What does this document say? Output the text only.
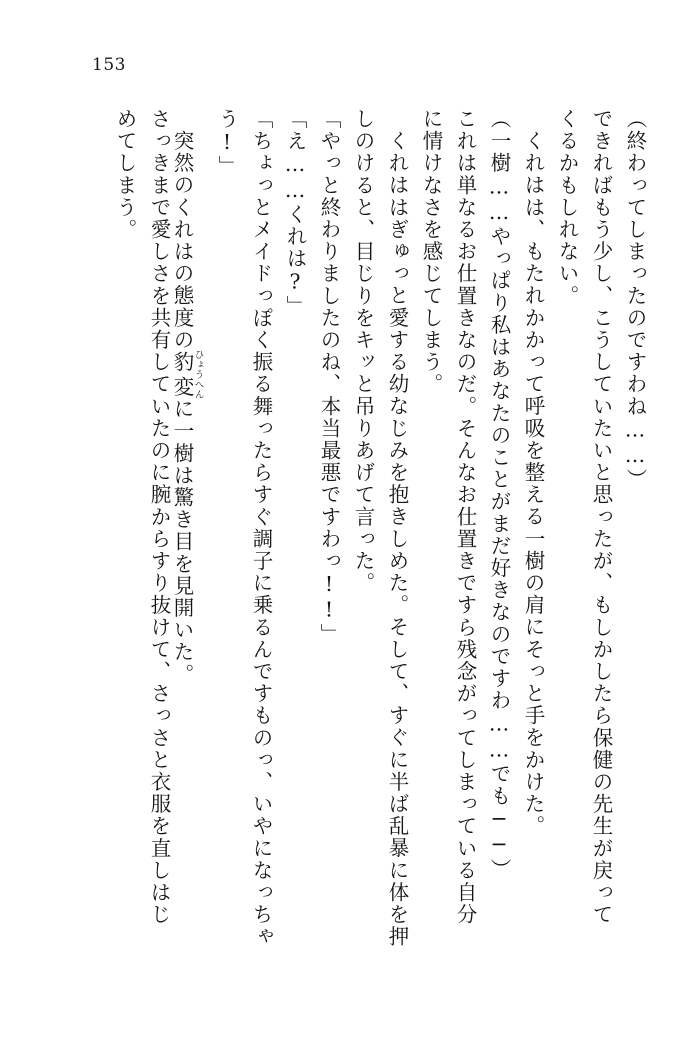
153
（終わってしまったのですわね……）
できればもう少し、こうしていたいと思ったが、もしかしたら保健の先生が戻って
くるかもしれない。
くれはは、もたれかかって呼吸を整える一樹の肩にそっと手をかけた。
（一樹……やっぱり私はあなたのことがまだ好きなのですわ……でも──）
これは単なるお仕置きなのだ。そんなお仕置きですら残念がってしまっている自分
に情けなさを感じてしまう。
くれははぎゅっと愛する幼なじみを抱きしめた。そして、すぐに半ば乱暴に体を押
しのけると、目じりをキッと吊りあげて言った。
「やっと終わりましたのね、本当最悪ですわっ!!」
「え……くれは?」
「ちょっとメイドっぽく振る舞ったらすぐ調子に乗るんですものっ、いやになっちゃ
う!」
突然のくれはの態度の豹変ひょうへんに一樹は驚き目を見開いた。
さっきまで愛しさを共有していたのに腕からすり抜けて、さっさと衣服を直しはじ
めてしまう。
